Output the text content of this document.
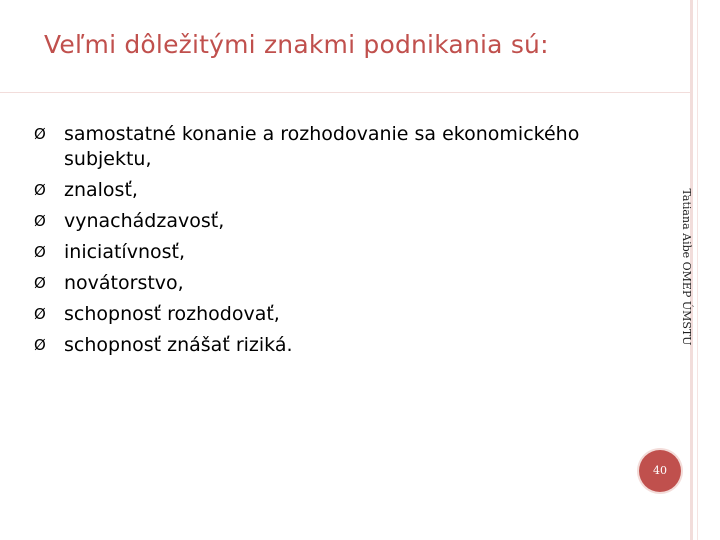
Veľmi dôležitými znakmi podnikania sú:
Ø samostatné konanie a rozhodovanie sa ekonomického subjektu,
Ø znalosť,
Ø vynachádzavosť,
Ø iniciatívnosť,
Ø novátorstvo,
Ø schopnosť rozhodovať,
Ø schopnosť znášať riziká.	Tatiana Aibe OMEP ÚMSTU
40
